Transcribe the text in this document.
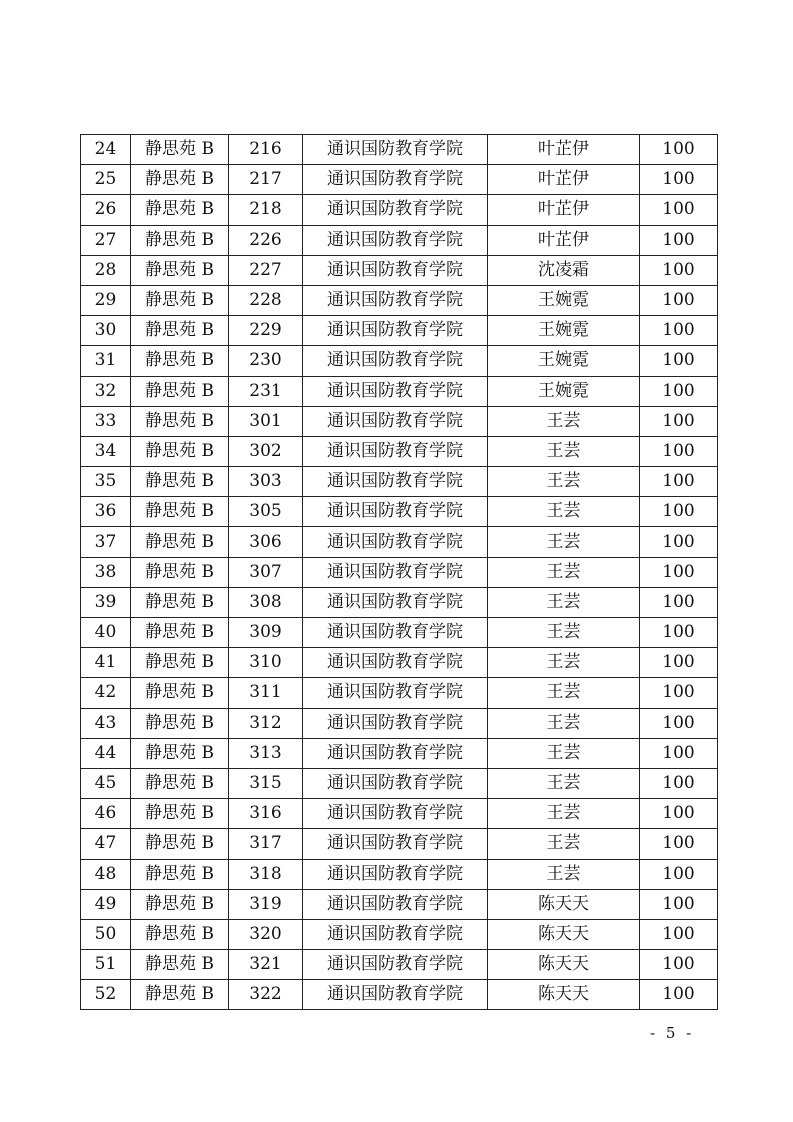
24	静思苑 B	216	通识国防教育学院	叶芷伊	100
25	静思苑 B	217	通识国防教育学院	叶芷伊	100
26	静思苑 B	218	通识国防教育学院	叶芷伊	100
27	静思苑 B	226	通识国防教育学院	叶芷伊	100
28	静思苑 B	227	通识国防教育学院	沈凌霜	100
29	静思苑 B	228	通识国防教育学院	王婉霓	100
30	静思苑 B	229	通识国防教育学院	王婉霓	100
31	静思苑 B	230	通识国防教育学院	王婉霓	100
32	静思苑 B	231	通识国防教育学院	王婉霓	100
33	静思苑 B	301	通识国防教育学院	王芸	100
34	静思苑 B	302	通识国防教育学院	王芸	100
35	静思苑 B	303	通识国防教育学院	王芸	100
36	静思苑 B	305	通识国防教育学院	王芸	100
37	静思苑 B	306	通识国防教育学院	王芸	100
38	静思苑 B	307	通识国防教育学院	王芸	100
39	静思苑 B	308	通识国防教育学院	王芸	100
40	静思苑 B	309	通识国防教育学院	王芸	100
41	静思苑 B	310	通识国防教育学院	王芸	100
42	静思苑 B	311	通识国防教育学院	王芸	100
43	静思苑 B	312	通识国防教育学院	王芸	100
44	静思苑 B	313	通识国防教育学院	王芸	100
45	静思苑 B	315	通识国防教育学院	王芸	100
46	静思苑 B	316	通识国防教育学院	王芸	100
47	静思苑 B	317	通识国防教育学院	王芸	100
48	静思苑 B	318	通识国防教育学院	王芸	100
49	静思苑 B	319	通识国防教育学院	陈天天	100
50	静思苑 B	320	通识国防教育学院	陈天天	100
51	静思苑 B	321	通识国防教育学院	陈天天	100
52	静思苑 B	322	通识国防教育学院	陈天天	100
- 5 -
